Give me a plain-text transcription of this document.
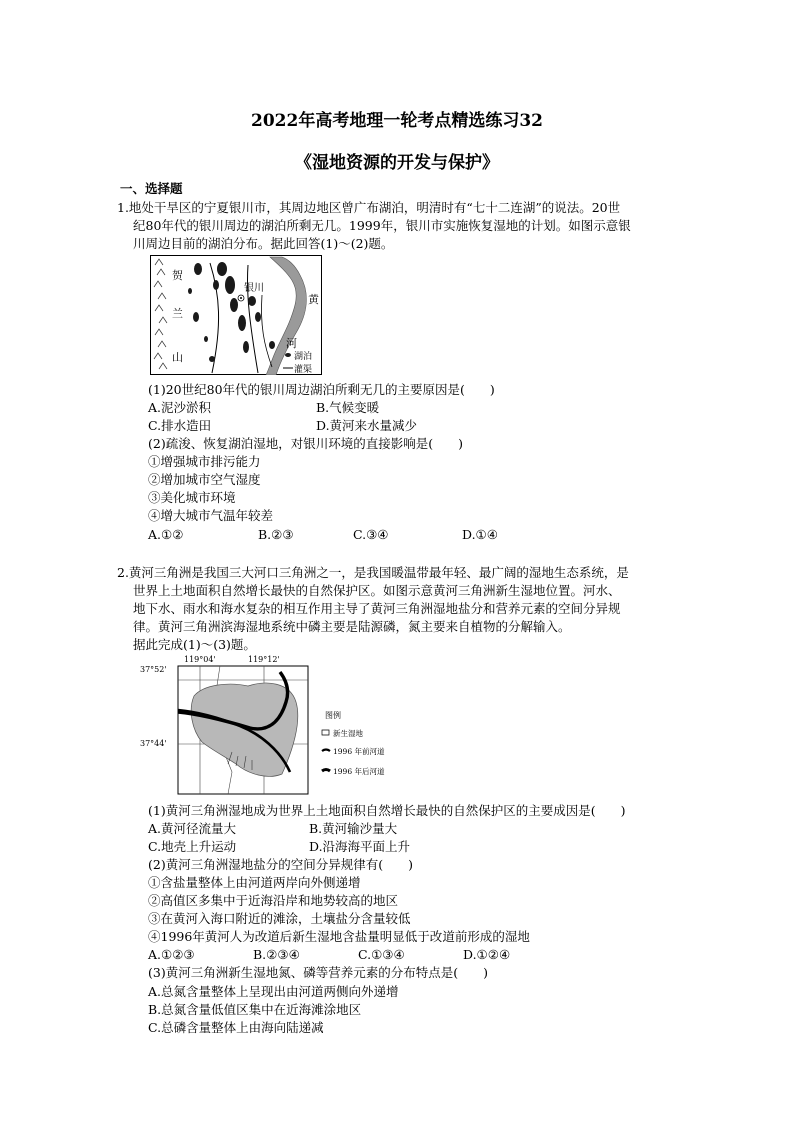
2022年高考地理一轮考点精选练习32
《湿地资源的开发与保护》
一、选择题
1.地处干旱区的宁夏银川市，其周边地区曾广布湖泊，明清时有“七十二连湖”的说法。20世
纪80年代的银川周边的湖泊所剩无几。1999年，银川市实施恢复湿地的计划。如图示意银
川周边目前的湖泊分布。据此回答(1)～(2)题。
贺
兰
山
银川
黄
河
湖泊
灌渠
(1)20世纪80年代的银川周边湖泊所剩无几的主要原因是(　　)
A.泥沙淤积	B.气候变暖
C.排水造田	D.黄河来水量减少
(2)疏浚、恢复湖泊湿地，对银川环境的直接影响是(　　)
①增强城市排污能力
②增加城市空气湿度
③美化城市环境
④增大城市气温年较差
A.①②	B.②③	C.③④	D.①④
2.黄河三角洲是我国三大河口三角洲之一，是我国暖温带最年轻、最广阔的湿地生态系统，是
世界上土地面积自然增长最快的自然保护区。如图示意黄河三角洲新生湿地位置。河水、
地下水、雨水和海水复杂的相互作用主导了黄河三角洲湿地盐分和营养元素的空间分异规
律。黄河三角洲滨海湿地系统中磷主要是陆源磷，氮主要来自植物的分解输入。
据此完成(1)～(3)题。
119°04'	119°12'
37°52'
37°44'
图例
新生湿地
1996 年前河道
1996 年后河道
(1)黄河三角洲湿地成为世界上土地面积自然增长最快的自然保护区的主要成因是(　　)
A.黄河径流量大	B.黄河输沙量大
C.地壳上升运动	D.沿海海平面上升
(2)黄河三角洲湿地盐分的空间分异规律有(　　)
①含盐量整体上由河道两岸向外侧递增
②高值区多集中于近海沿岸和地势较高的地区
③在黄河入海口附近的滩涂，土壤盐分含量较低
④1996年黄河人为改道后新生湿地含盐量明显低于改道前形成的湿地
A.①②③	B.②③④	C.①③④	D.①②④
(3)黄河三角洲新生湿地氮、磷等营养元素的分布特点是(　　)
A.总氮含量整体上呈现出由河道两侧向外递增
B.总氮含量低值区集中在近海滩涂地区
C.总磷含量整体上由海向陆递减
